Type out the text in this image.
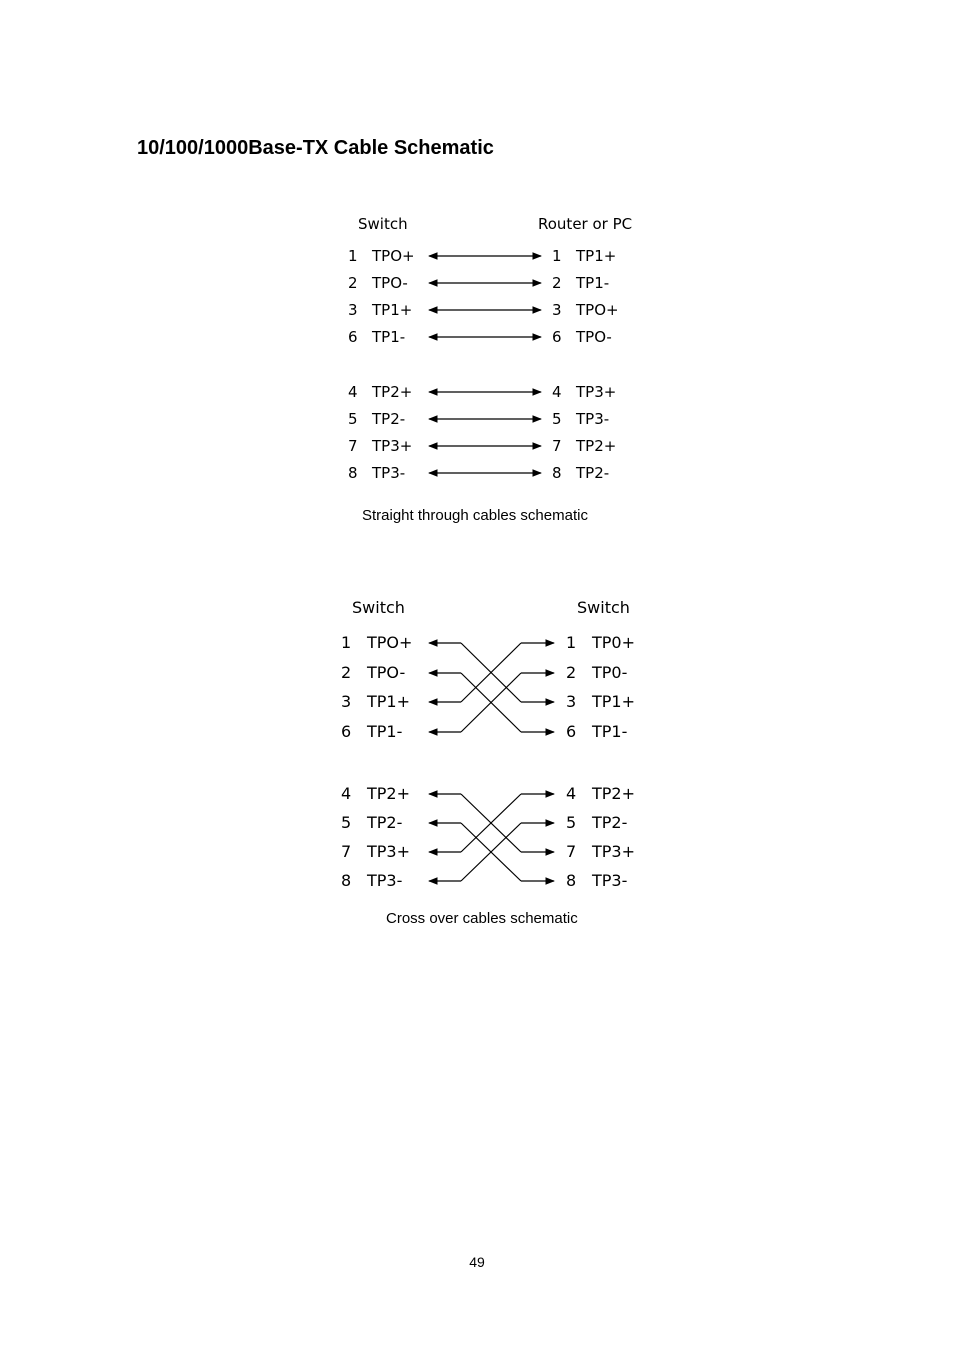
10/100/1000Base-TX Cable Schematic
Switch	Router or PC
1 TPO+	1 TP1+
2 TPO-	2 TP1-
3 TP1+	3 TPO+
6 TP1-	6 TPO-
4 TP2+	4 TP3+
5 TP2-	5 TP3-
7 TP3+	7 TP2+
8 TP3-	8 TP2-
Straight through cables schematic
Switch	Switch
1 TPO+	1 TP0+
2 TPO-	2 TP0-
3 TP1+	3 TP1+
6 TP1-	6 TP1-
4 TP2+	4 TP2+
5 TP2-	5 TP2-
7 TP3+	7 TP3+
8 TP3-	8 TP3-
Cross over cables schematic
49
